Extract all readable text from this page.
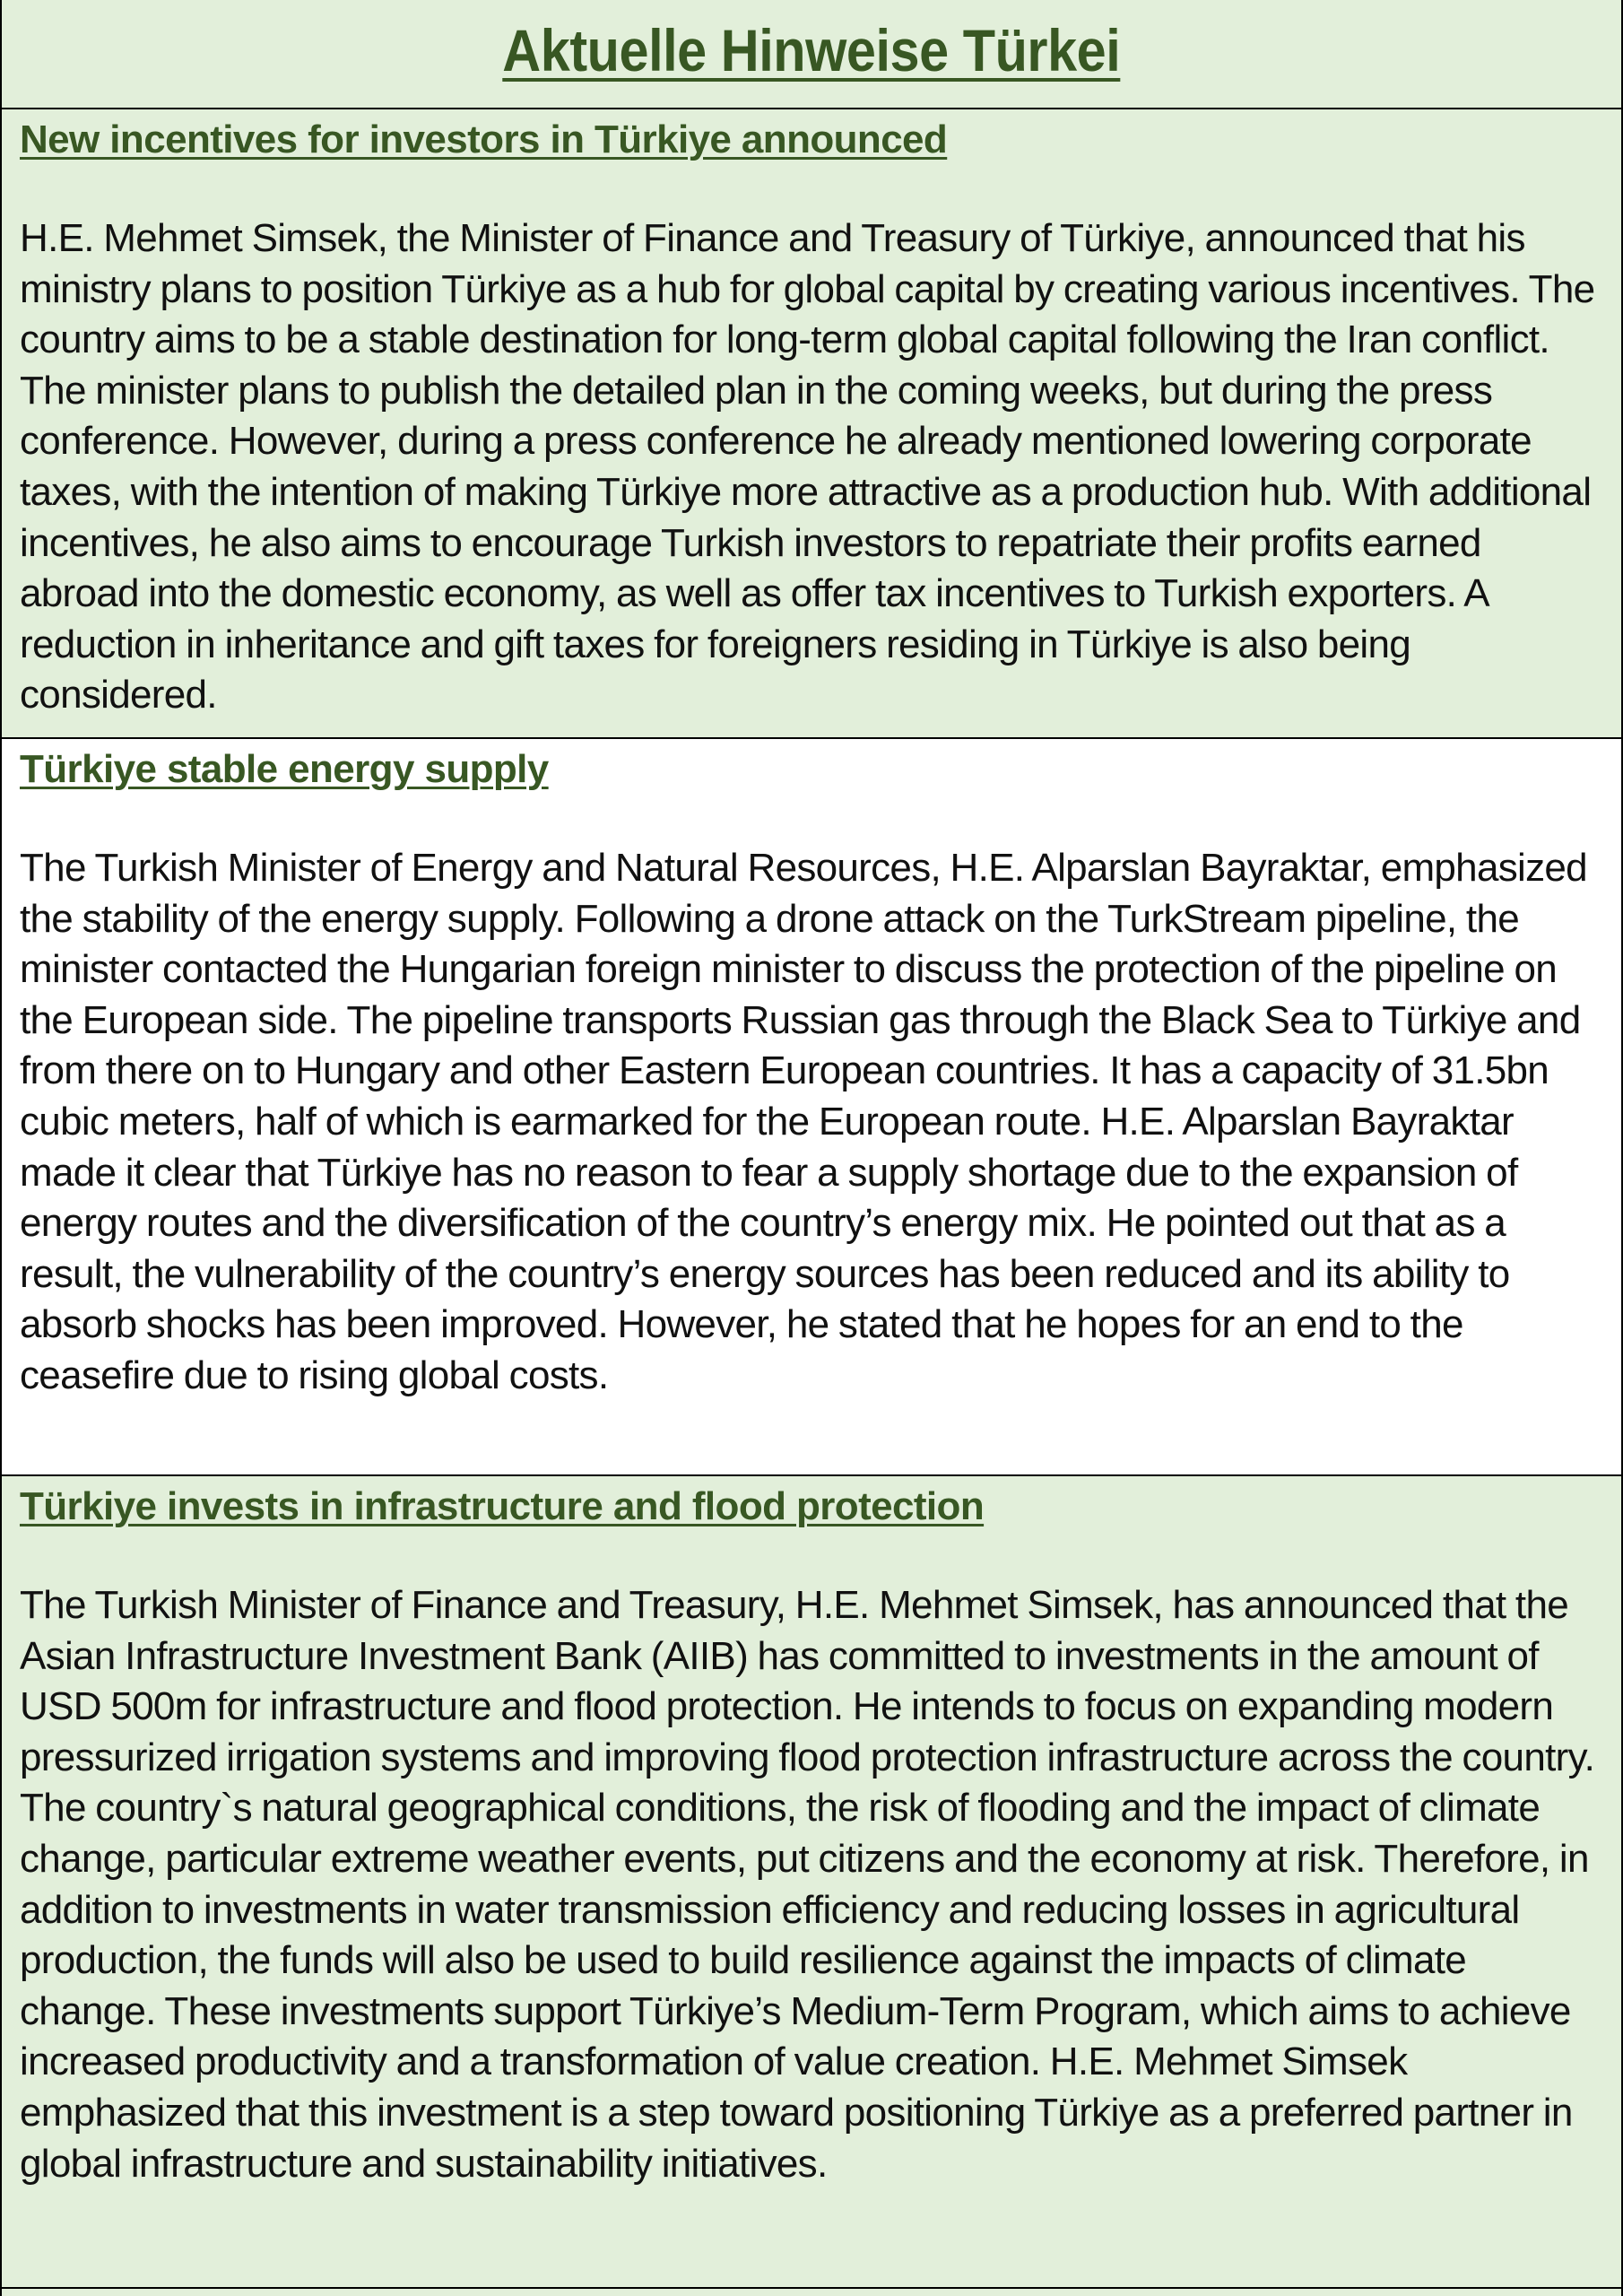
Aktuelle Hinweise Türkei
New incentives for investors in Türkiye announced

H.E. Mehmet Simsek, the Minister of Finance and Treasury of Türkiye, announced that his ministry plans to position Türkiye as a hub for global capital by creating various incentives. The country aims to be a stable destination for long-term global capital following the Iran conflict. The minister plans to publish the detailed plan in the coming weeks, but during the press conference. However, during a press conference he already mentioned lowering corporate taxes, with the intention of making Türkiye more attractive as a production hub. With additional incentives, he also aims to encourage Turkish investors to repatriate their profits earned abroad into the domestic economy, as well as offer tax incentives to Turkish exporters. A reduction in inheritance and gift taxes for foreigners residing in Türkiye is also being considered.

Türkiye stable energy supply

The Turkish Minister of Energy and Natural Resources, H.E. Alparslan Bayraktar, emphasized the stability of the energy supply. Following a drone attack on the TurkStream pipeline, the minister contacted the Hungarian foreign minister to discuss the protection of the pipeline on the European side. The pipeline transports Russian gas through the Black Sea to Türkiye and from there on to Hungary and other Eastern European countries. It has a capacity of 31.5bn cubic meters, half of which is earmarked for the European route. H.E. Alparslan Bayraktar made it clear that Türkiye has no reason to fear a supply shortage due to the expansion of energy routes and the diversification of the country’s energy mix. He pointed out that as a result, the vulnerability of the country’s energy sources has been reduced and its ability to absorb shocks has been improved. However, he stated that he hopes for an end to the ceasefire due to rising global costs.

Türkiye invests in infrastructure and flood protection

The Turkish Minister of Finance and Treasury, H.E. Mehmet Simsek, has announced that the Asian Infrastructure Investment Bank (AIIB) has committed to investments in the amount of USD 500m for infrastructure and flood protection. He intends to focus on expanding modern pressurized irrigation systems and improving flood protection infrastructure across the country. The country`s natural geographical conditions, the risk of flooding and the impact of climate change, particular extreme weather events, put citizens and the economy at risk. Therefore, in addition to investments in water transmission efficiency and reducing losses in agricultural production, the funds will also be used to build resilience against the impacts of climate change. These investments support Türkiye’s Medium-Term Program, which aims to achieve increased productivity and a transformation of value creation. H.E. Mehmet Simsek emphasized that this investment is a step toward positioning Türkiye as a preferred partner in global infrastructure and sustainability initiatives.
